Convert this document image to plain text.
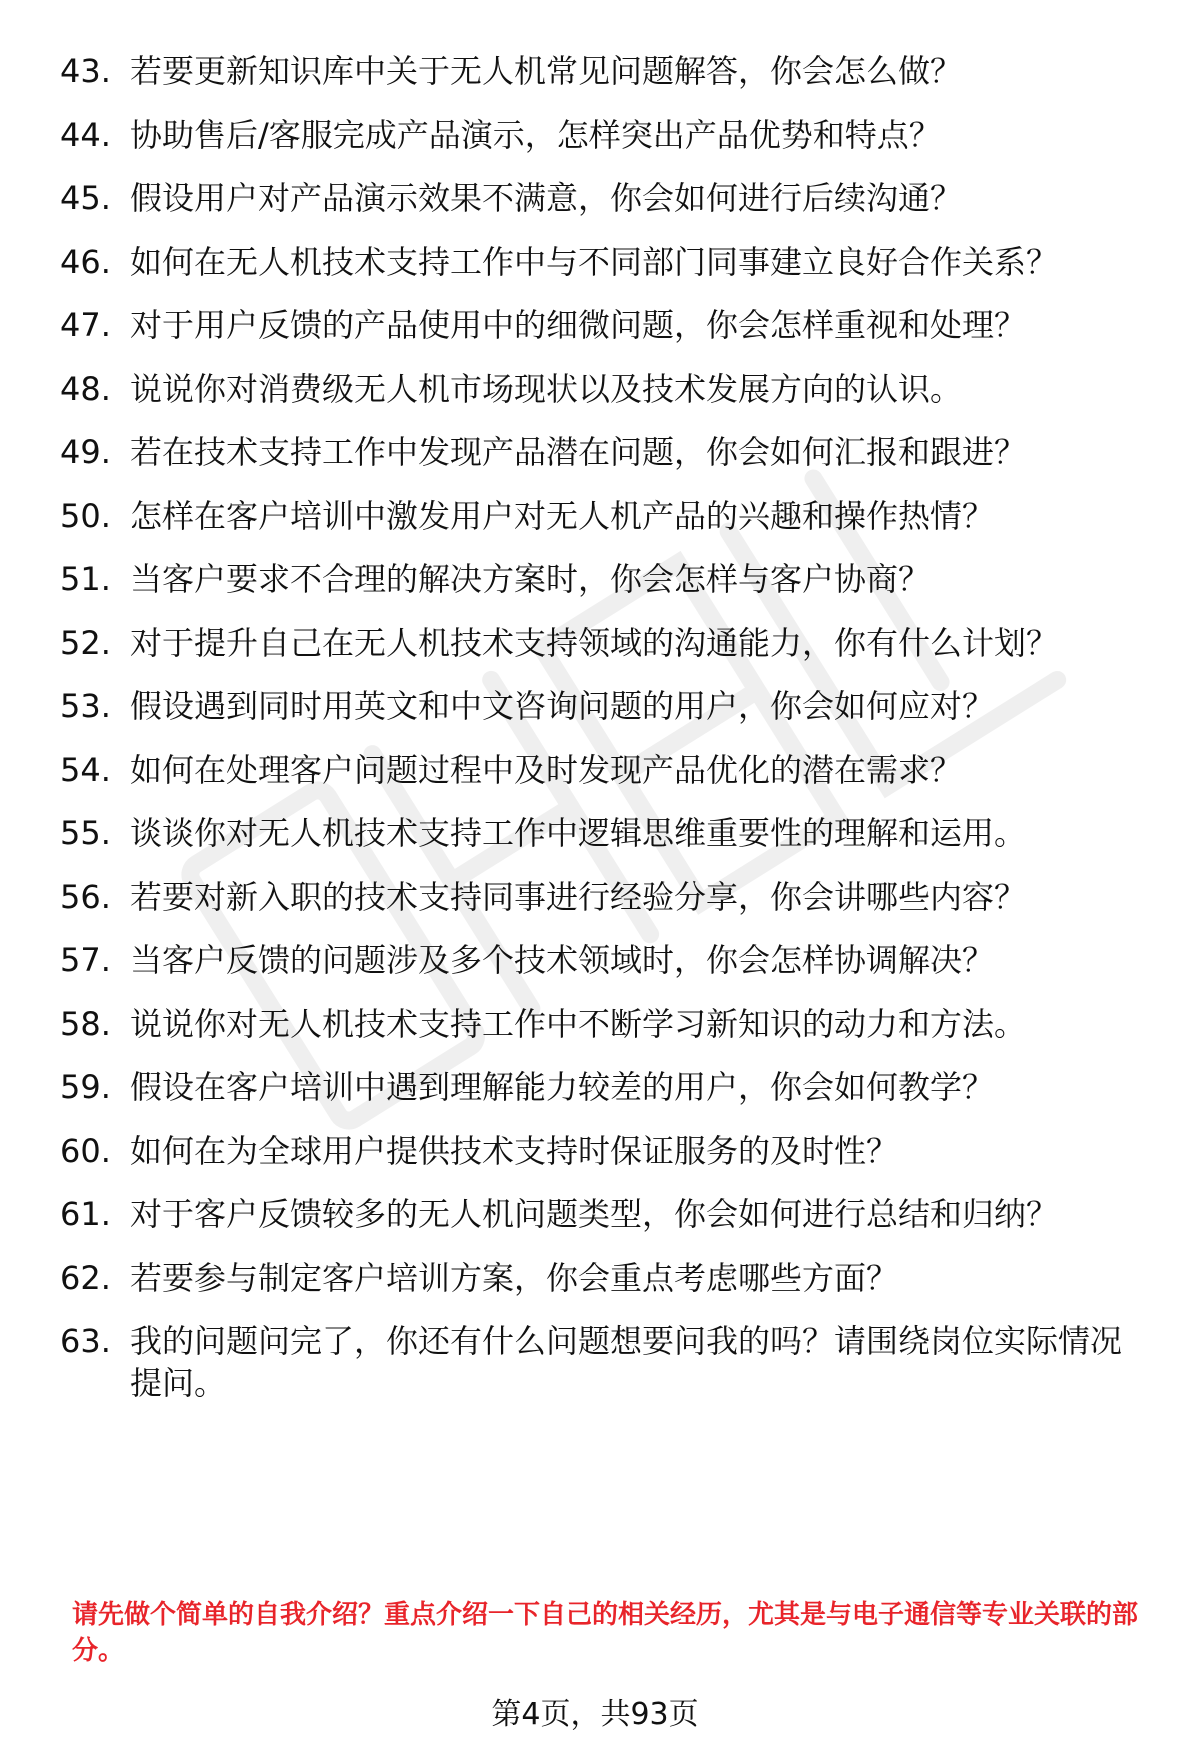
43. 若要更新知识库中关于无人机常见问题解答，你会怎么做？
44. 协助售后/客服完成产品演示，怎样突出产品优势和特点？
45. 假设用户对产品演示效果不满意，你会如何进行后续沟通？
46. 如何在无人机技术支持工作中与不同部门同事建立良好合作关系？
47. 对于用户反馈的产品使用中的细微问题，你会怎样重视和处理？
48. 说说你对消费级无人机市场现状以及技术发展方向的认识。
49. 若在技术支持工作中发现产品潜在问题，你会如何汇报和跟进？
50. 怎样在客户培训中激发用户对无人机产品的兴趣和操作热情？
51. 当客户要求不合理的解决方案时，你会怎样与客户协商？
52. 对于提升自己在无人机技术支持领域的沟通能力，你有什么计划？
53. 假设遇到同时用英文和中文咨询问题的用户，你会如何应对？
54. 如何在处理客户问题过程中及时发现产品优化的潜在需求？
55. 谈谈你对无人机技术支持工作中逻辑思维重要性的理解和运用。
56. 若要对新入职的技术支持同事进行经验分享，你会讲哪些内容？
57. 当客户反馈的问题涉及多个技术领域时，你会怎样协调解决？
58. 说说你对无人机技术支持工作中不断学习新知识的动力和方法。
59. 假设在客户培训中遇到理解能力较差的用户，你会如何教学？
60. 如何在为全球用户提供技术支持时保证服务的及时性？
61. 对于客户反馈较多的无人机问题类型，你会如何进行总结和归纳？
62. 若要参与制定客户培训方案，你会重点考虑哪些方面？
63. 我的问题问完了，你还有什么问题想要问我的吗？请围绕岗位实际情况提问。

请先做个简单的自我介绍？重点介绍一下自己的相关经历，尤其是与电子通信等专业关联的部分。

第4页，共93页
